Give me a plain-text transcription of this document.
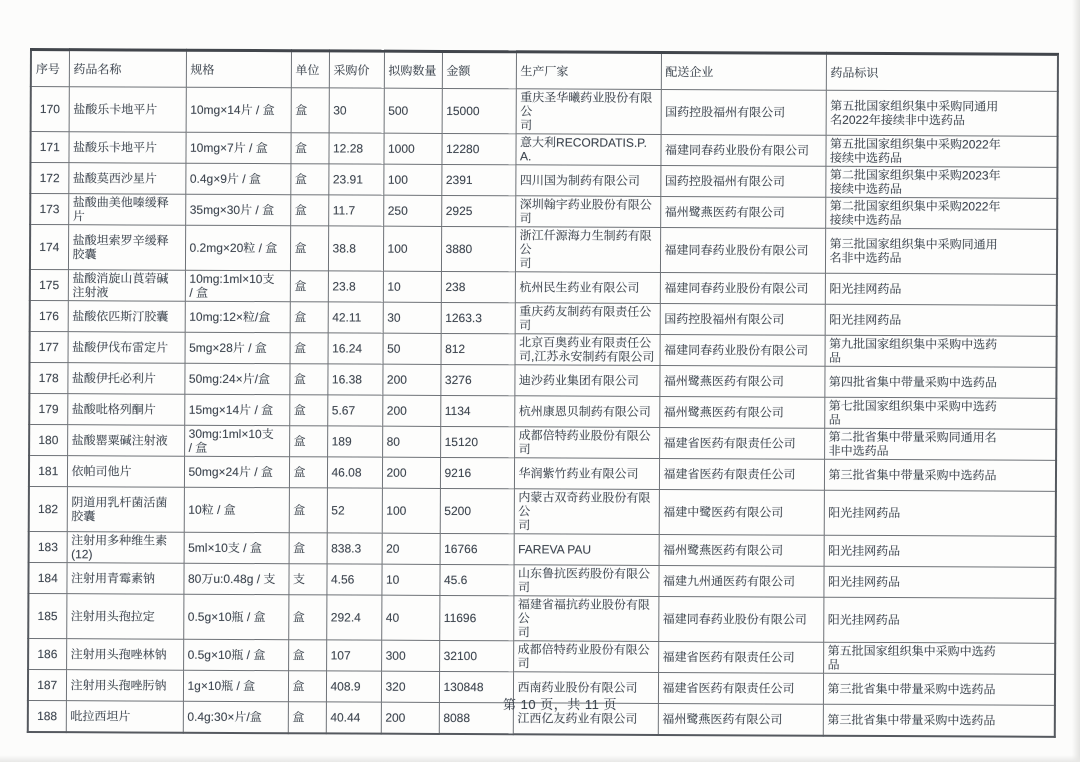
序号	药品名称	规格	单位	采购价	拟购数量	金额	生产厂家	配送企业	药品标识
170	盐酸乐卡地平片	10mg×14片 / 盒	盒	30	500	15000	重庆圣华曦药业股份有限公
司	国药控股福州有限公司	第五批国家组织集中采购同通用
名2022年接续非中选药品
171	盐酸乐卡地平片	10mg×7片 / 盒	盒	12.28	1000	12280	意大利RECORDATIS.P.A.	福建同春药业股份有限公司	第五批国家组织集中采购2022年
接续中选药品
172	盐酸莫西沙星片	0.4g×9片 / 盒	盒	23.91	100	2391	四川国为制药有限公司	国药控股福州有限公司	第二批国家组织集中采购2023年
接续中选药品
173	盐酸曲美他嗪缓释
片	35mg×30片 / 盒	盒	11.7	250	2925	深圳翰宇药业股份有限公司	福州鹭燕医药有限公司	第二批国家组织集中采购2022年
接续中选药品
174	盐酸坦索罗辛缓释
胶囊	0.2mg×20粒 / 盒	盒	38.8	100	3880	浙江仟源海力生制药有限公
司	福建同春药业股份有限公司	第三批国家组织集中采购同通用
名非中选药品
175	盐酸消旋山莨菪碱
注射液	10mg:1ml×10支
/ 盒	盒	23.8	10	238	杭州民生药业有限公司	福建同春药业股份有限公司	阳光挂网药品
176	盐酸依匹斯汀胶囊	10mg:12×粒/盒	盒	42.11	30	1263.3	重庆药友制药有限责任公司	国药控股福州有限公司	阳光挂网药品
177	盐酸伊伐布雷定片	5mg×28片 / 盒	盒	16.24	50	812	北京百奥药业有限责任公
司,江苏永安制药有限公司	福建同春药业股份有限公司	第九批国家组织集中采购中选药
品
178	盐酸伊托必利片	50mg:24×片/盒	盒	16.38	200	3276	迪沙药业集团有限公司	福州鹭燕医药有限公司	第四批省集中带量采购中选药品
179	盐酸吡格列酮片	15mg×14片 / 盒	盒	5.67	200	1134	杭州康恩贝制药有限公司	福州鹭燕医药有限公司	第七批国家组织集中采购中选药
品
180	盐酸罂粟碱注射液	30mg:1ml×10支
/ 盒	盒	189	80	15120	成都倍特药业股份有限公司	福建省医药有限责任公司	第二批省集中带量采购同通用名
非中选药品
181	依帕司他片	50mg×24片 / 盒	盒	46.08	200	9216	华润紫竹药业有限公司	福建省医药有限责任公司	第三批省集中带量采购中选药品
182	阴道用乳杆菌活菌
胶囊	10粒 / 盒	盒	52	100	5200	内蒙古双奇药业股份有限公
司	福建中鹭医药有限公司	阳光挂网药品
183	注射用多种维生素
(12)	5ml×10支 / 盒	盒	838.3	20	16766	FAREVA PAU	福州鹭燕医药有限公司	阳光挂网药品
184	注射用青霉素钠	80万u:0.48g / 支	支	4.56	10	45.6	山东鲁抗医药股份有限公司	福建九州通医药有限公司	阳光挂网药品
185	注射用头孢拉定	0.5g×10瓶 / 盒	盒	292.4	40	11696	福建省福抗药业股份有限公
司	福建同春药业股份有限公司	阳光挂网药品
186	注射用头孢唑林钠	0.5g×10瓶 / 盒	盒	107	300	32100	成都倍特药业股份有限公司	福建省医药有限责任公司	第五批国家组织集中采购中选药
品
187	注射用头孢唑肟钠	1g×10瓶 / 盒	盒	408.9	320	130848	西南药业股份有限公司	福建省医药有限责任公司	第三批省集中带量采购中选药品
188	吡拉西坦片	0.4g:30×片/盒	盒	40.44	200	8088	江西亿友药业有限公司	福州鹭燕医药有限公司	第三批省集中带量采购中选药品
第 10 页，共 11 页
